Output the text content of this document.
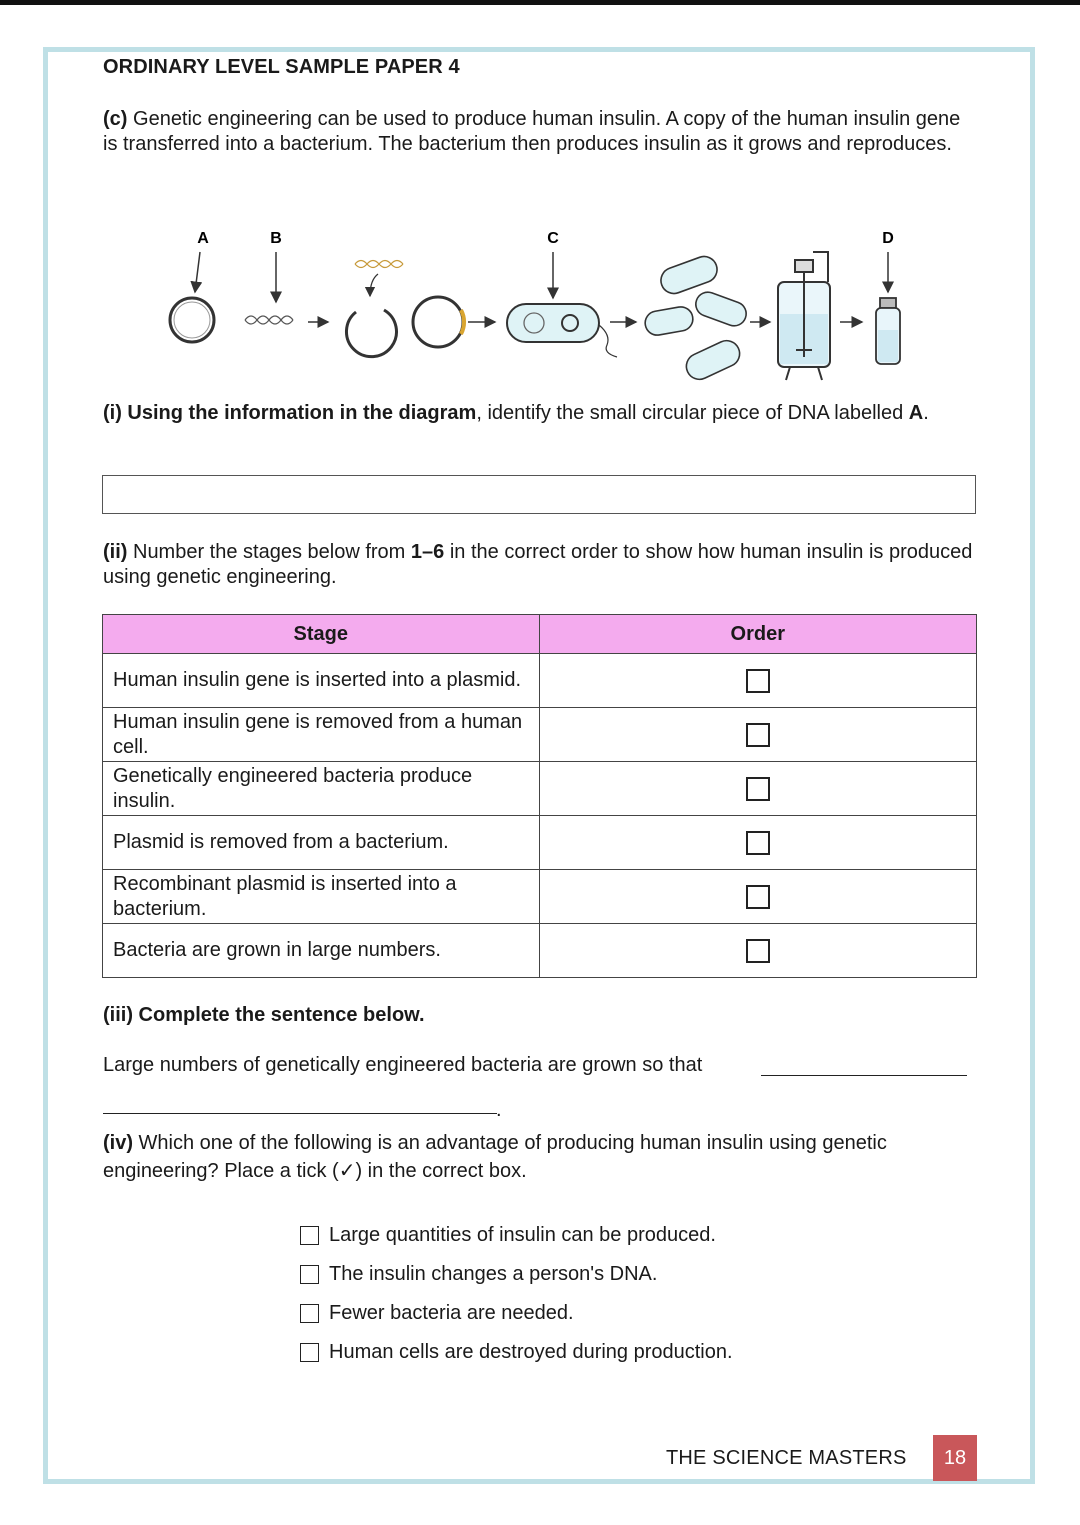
ORDINARY LEVEL SAMPLE PAPER 4
(c) Genetic engineering can be used to produce human insulin. A copy of the human insulin gene is transferred into a bacterium. The bacterium then produces insulin as it grows and reproduces.
A	B	C	D
(i) Using the information in the diagram, identify the small circular piece of DNA labelled A.
(ii) Number the stages below from 1–6 in the correct order to show how human insulin is produced using genetic engineering.
Stage	Order
Human insulin gene is inserted into a plasmid.	
Human insulin gene is removed from a human cell.	
Genetically engineered bacteria produce insulin.	
Plasmid is removed from a bacterium.	
Recombinant plasmid is inserted into a bacterium.	
Bacteria are grown in large numbers.	
(iii) Complete the sentence below.
Large numbers of genetically engineered bacteria are grown so that
.
(iv) Which one of the following is an advantage of producing human insulin using genetic engineering? Place a tick (✓) in the correct box.
Large quantities of insulin can be produced.
The insulin changes a person's DNA.
Fewer bacteria are needed.
Human cells are destroyed during production.
THE SCIENCE MASTERS	18
